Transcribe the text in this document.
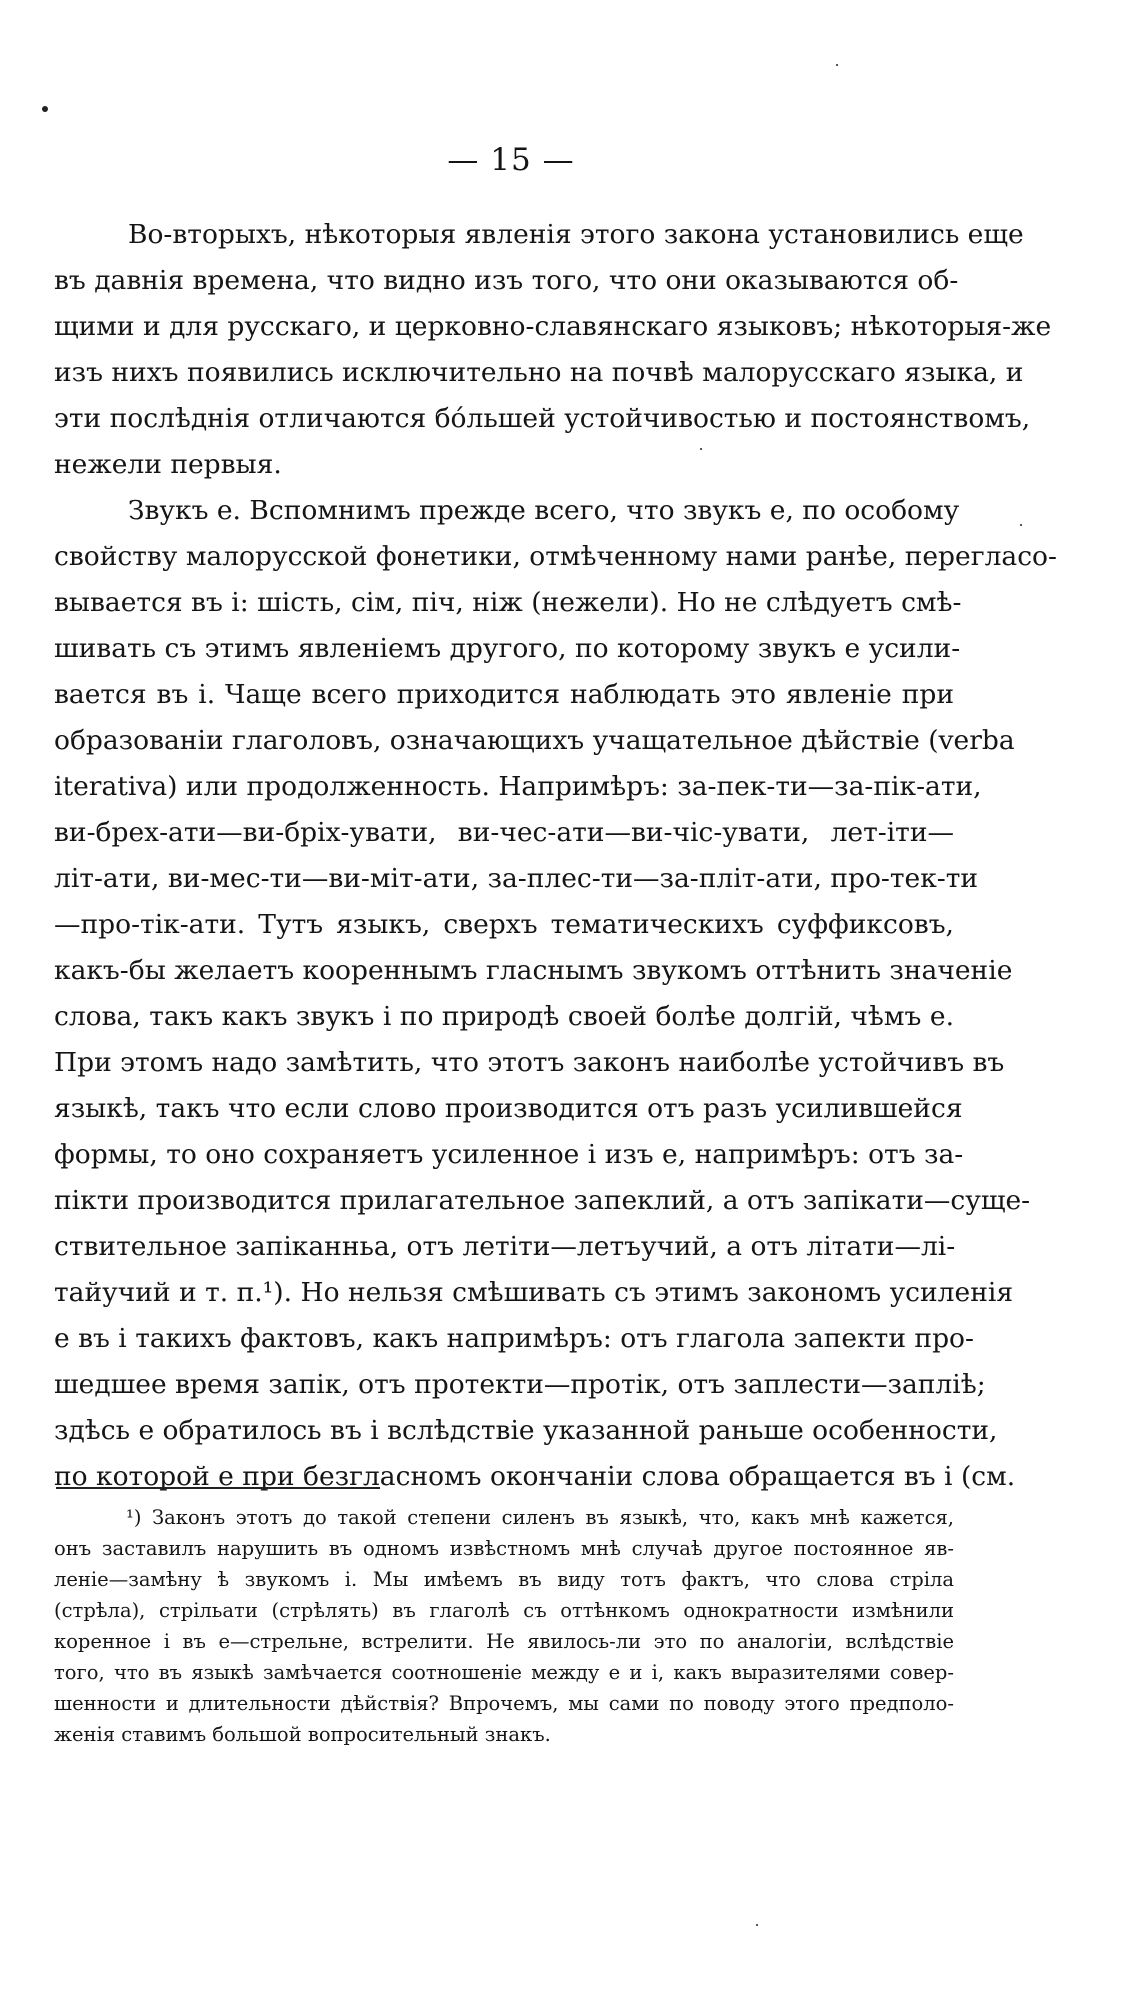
— 15 —
Во-вторыхъ, нѣкоторыя явленія этого закона установились еще
въ давнія времена, что видно изъ того, что они оказываются об-
щими и для русскаго, и церковно-славянскаго языковъ; нѣкоторыя-же
изъ нихъ появились исключительно на почвѣ малорусскаго языка, и
эти послѣднія отличаются бóльшей устойчивостью и постоянствомъ,
нежели первыя.
Звукъ е. Вспомнимъ прежде всего, что звукъ е, по особому
свойству малорусской фонетики, отмѣченному нами ранѣе, перегласо-
вывается въ і: шість, сім, піч, ніж (нежели). Но не слѣдуетъ смѣ-
шивать съ этимъ явленіемъ другого, по которому звукъ е усили-
вается въ і. Чаще всего приходится наблюдать это явленіе при
образованіи глаголовъ, означающихъ учащательное дѣйствіе (verba
iterativa) или продолженность. Напримѣръ: за-пек-ти—за-пік-ати,
ви-брех-ати—ви-бріх-увати, ви-чес-ати—ви-чіс-увати, лет-іти—
літ-ати, ви-мес-ти—ви-міт-ати, за-плес-ти—за-пліт-ати, про-тек-ти
—про-тік-ати. Тутъ языкъ, сверхъ тематическихъ суффиксовъ,
какъ-бы желаетъ коореннымъ гласнымъ звукомъ оттѣнить значеніе
слова, такъ какъ звукъ і по природѣ своей болѣе долгій, чѣмъ е.
При этомъ надо замѣтить, что этотъ законъ наиболѣе устойчивъ въ
языкѣ, такъ что если слово производится отъ разъ усилившейся
формы, то оно сохраняетъ усиленное і изъ е, напримѣръ: отъ за-
пікти производится прилагательное запеклий, а отъ запікати—суще-
ствительное запіканньа, отъ летіти—летъучий, а отъ літати—лі-
тайучий и т. п.¹). Но нельзя смѣшивать съ этимъ закономъ усиленія
е въ і такихъ фактовъ, какъ напримѣръ: отъ глагола запекти про-
шедшее время запік, отъ протекти—протік, отъ заплести—запліѣ;
здѣсь е обратилось въ і вслѣдствіе указанной раньше особенности,
по которой е при безгласномъ окончаніи слова обращается въ і (см.
¹) Законъ этотъ до такой степени силенъ въ языкѣ, что, какъ мнѣ кажется,
онъ заставилъ нарушить въ одномъ извѣстномъ мнѣ случаѣ другое постоянное яв-
леніе—замѣну ѣ звукомъ і. Мы имѣемъ въ виду тотъ фактъ, что слова стріла
(стрѣла), стрільати (стрѣлять) въ глаголѣ съ оттѣнкомъ однократности измѣнили
коренное і въ е—стрельне, встрелити. Не явилось-ли это по аналогіи, вслѣдствіе
того, что въ языкѣ замѣчается соотношеніе между е и і, какъ выразителями совер-
шенности и длительности дѣйствія? Впрочемъ, мы сами по поводу этого предполо-
женія ставимъ большой вопросительный знакъ.
